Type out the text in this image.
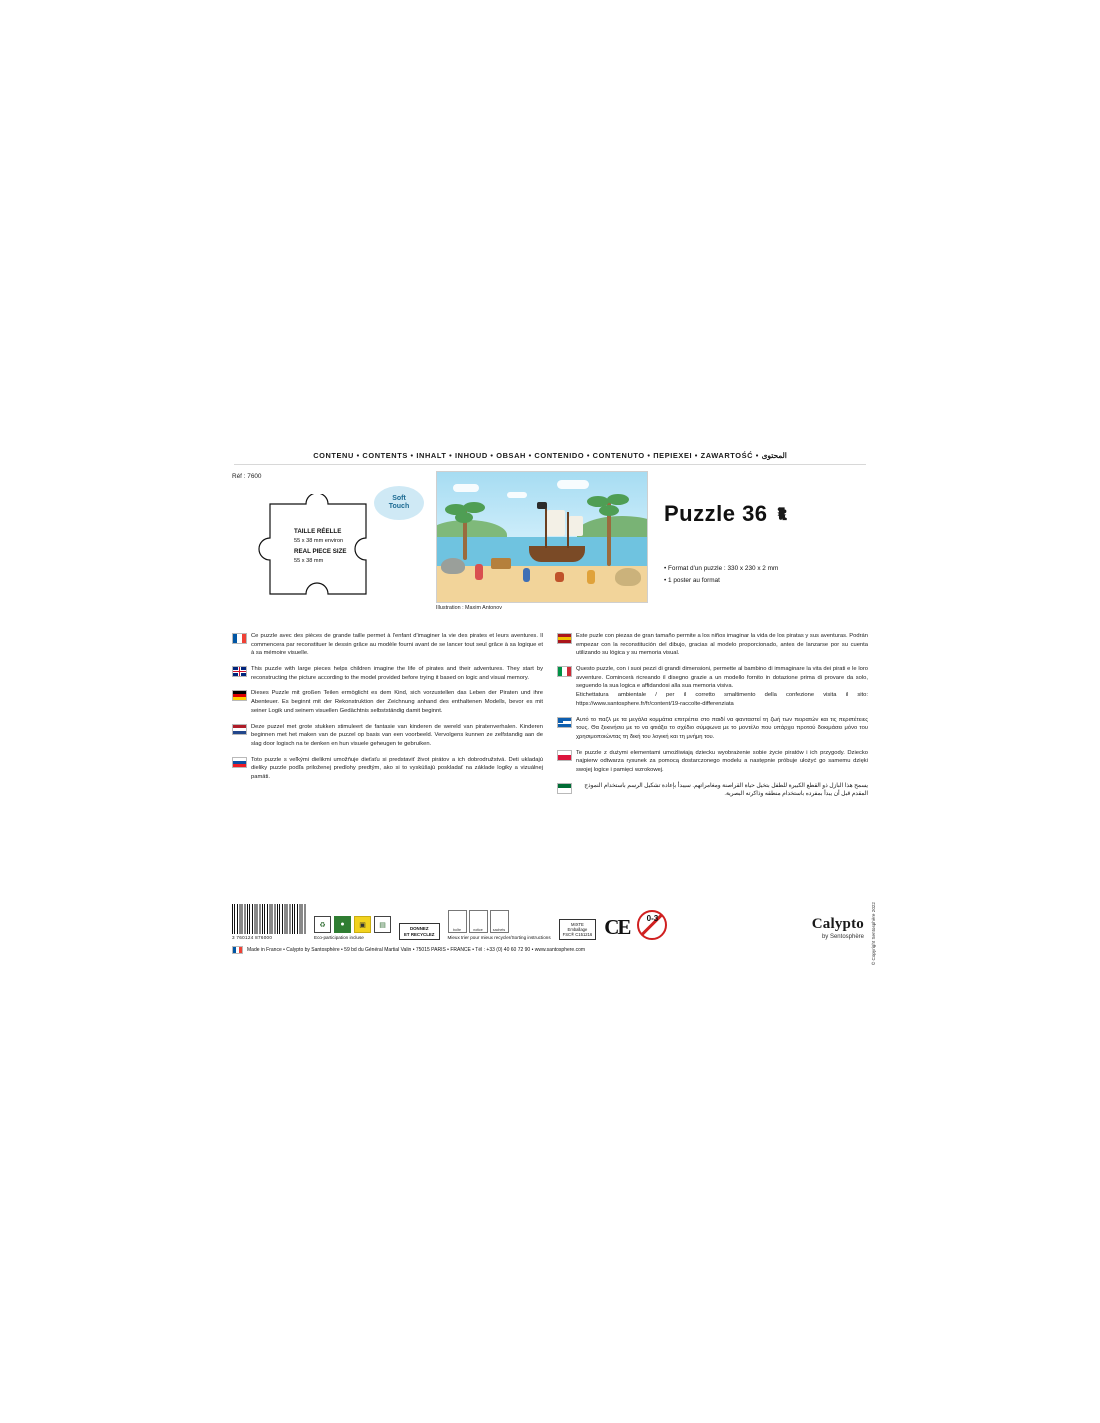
CONTENU • CONTENTS • INHALT • INHOUD • OBSAH • CONTENIDO • CONTENUTO • ΠΕΡΙΕΧΕΙ • ZAWARTOŚĆ • المحتوى
Réf : 7600
Soft
Touch
TAILLE RÉELLE
55 x 38 mm environ
REAL PIECE SIZE
55 x 38 mm
Illustration : Maxim Antonov
Puzzle 36
• Format d'un puzzle : 330 x 230 x 2 mm
• 1 poster au format
Ce puzzle avec des pièces de grande taille permet à l'enfant d'imaginer la vie des pirates et leurs aventures. Il commencera par reconstituer le dessin grâce au modèle fourni avant de se lancer tout seul grâce à sa logique et à sa mémoire visuelle.
This puzzle with large pieces helps children imagine the life of pirates and their adventures. They start by reconstructing the picture according to the model provided before trying it based on logic and visual memory.
Dieses Puzzle mit großen Teilen ermöglicht es dem Kind, sich vorzustellen das Leben der Piraten und ihre Abenteuer. Es beginnt mit der Rekonstruktion der Zeichnung anhand des enthaltenen Modells, bevor es mit seiner Logik und seinem visuellen Gedächtnis selbstständig damit beginnt.
Deze puzzel met grote stukken stimuleert de fantasie van kinderen de wereld van piratenverhalen. Kinderen beginnen met het maken van de puzzel op basis van een voorbeeld. Vervolgens kunnen ze zelfstandig aan de slag door logisch na te denken en hun visuele geheugen te gebruiken.
Toto puzzle s veľkými dielikmi umožňuje dieťaťu si predstaviť život pirátov a ich dobrodružstvá. Deti ukladajú dieliky puzzle podľa priloženej predlohy predtým, ako si to vyskúšajú poskladať na základe logiky a vizuálnej pamäti.
Este puzle con piezas de gran tamaño permite a los niños imaginar la vida de los piratas y sus aventuras. Podrán empezar con la reconstitución del dibujo, gracias al modelo proporcionado, antes de lanzarse por su cuenta utilizando su lógica y su memoria visual.
Questo puzzle, con i suoi pezzi di grandi dimensioni, permette al bambino di immaginare la vita dei pirati e le loro avventure. Comincerà ricreando il disegno grazie a un modello fornito in dotazione prima di provare da solo, seguendo la sua logica e affidandosi alla sua memoria visiva.
Etichettatura ambientale / per il corretto smaltimento della confezione visita il sito: https://www.santosphere.fr/fr/content/19-raccolte-differenziata
Αυτό το παζλ με τα μεγάλα κομμάτια επιτρέπει στο παιδί να φανταστεί τη ζωή των πειρατών και τις περιπέτειες τους. Θα ξεκινήσει με το να φτιάξει το σχέδιο σύμφωνα με το μοντέλο που υπάρχει προτού δοκιμάσει μόνο του χρησιμοποιώντας τη δική του λογική και τη μνήμη του.
Te puzzle z dużymi elementami umożliwiają dziecku wyobrażenie sobie życie piratów i ich przygody. Dziecko najpierw odtwarza rysunek za pomocą dostarczonego modelu a następnie próbuje ułożyć go samemu dzięki swojej logice i pamięci wzrokowej.
يسمح هذا البازل ذو القطع الكبيرة للطفل بتخيل حياة القراصنة ومغامراتهم. سيبدأ بإعادة تشكيل الرسم باستخدام النموذج المقدم قبل أن يبدأ بمفرده باستخدام منطقه وذاكرته البصرية.
3 760124 876000
♻	●	▣	▤
Eco-participation incluse
DONNEZ
ET RECYCLEZ
boîte	notice	sachets
Mieux trier pour mieux recycler/Sorting instructions
MIXTE
Emballage
FSC® C151216 CE	0-3	Calypto
by Sentosphère © Copyright Sentosphère 2022
Made in France • Calypto by Santosphère • 59 bd du Général Martial Valin • 75015 PARIS • FRANCE • Tél : +33 (0) 40 60 72 90 • www.santosphere.com
